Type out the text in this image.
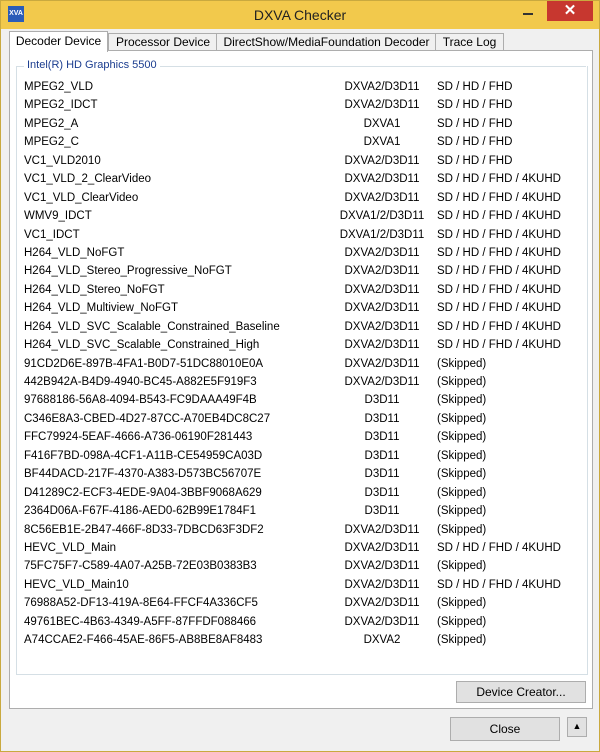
XVA	DXVA Checker	✕
Decoder Device	Processor Device	DirectShow/MediaFoundation Decoder	Trace Log
Intel(R) HD Graphics 5500
MPEG2_VLD	DXVA2/D3D11	SD / HD / FHD
MPEG2_IDCT	DXVA2/D3D11	SD / HD / FHD
MPEG2_A	DXVA1	SD / HD / FHD
MPEG2_C	DXVA1	SD / HD / FHD
VC1_VLD2010	DXVA2/D3D11	SD / HD / FHD
VC1_VLD_2_ClearVideo	DXVA2/D3D11	SD / HD / FHD / 4KUHD
VC1_VLD_ClearVideo	DXVA2/D3D11	SD / HD / FHD / 4KUHD
WMV9_IDCT	DXVA1/2/D3D11	SD / HD / FHD / 4KUHD
VC1_IDCT	DXVA1/2/D3D11	SD / HD / FHD / 4KUHD
H264_VLD_NoFGT	DXVA2/D3D11	SD / HD / FHD / 4KUHD
H264_VLD_Stereo_Progressive_NoFGT	DXVA2/D3D11	SD / HD / FHD / 4KUHD
H264_VLD_Stereo_NoFGT	DXVA2/D3D11	SD / HD / FHD / 4KUHD
H264_VLD_Multiview_NoFGT	DXVA2/D3D11	SD / HD / FHD / 4KUHD
H264_VLD_SVC_Scalable_Constrained_Baseline	DXVA2/D3D11	SD / HD / FHD / 4KUHD
H264_VLD_SVC_Scalable_Constrained_High	DXVA2/D3D11	SD / HD / FHD / 4KUHD
91CD2D6E-897B-4FA1-B0D7-51DC88010E0A	DXVA2/D3D11	(Skipped)
442B942A-B4D9-4940-BC45-A882E5F919F3	DXVA2/D3D11	(Skipped)
97688186-56A8-4094-B543-FC9DAAA49F4B	D3D11	(Skipped)
C346E8A3-CBED-4D27-87CC-A70EB4DC8C27	D3D11	(Skipped)
FFC79924-5EAF-4666-A736-06190F281443	D3D11	(Skipped)
F416F7BD-098A-4CF1-A11B-CE54959CA03D	D3D11	(Skipped)
BF44DACD-217F-4370-A383-D573BC56707E	D3D11	(Skipped)
D41289C2-ECF3-4EDE-9A04-3BBF9068A629	D3D11	(Skipped)
2364D06A-F67F-4186-AED0-62B99E1784F1	D3D11	(Skipped)
8C56EB1E-2B47-466F-8D33-7DBCD63F3DF2	DXVA2/D3D11	(Skipped)
HEVC_VLD_Main	DXVA2/D3D11	SD / HD / FHD / 4KUHD
75FC75F7-C589-4A07-A25B-72E03B0383B3	DXVA2/D3D11	(Skipped)
HEVC_VLD_Main10	DXVA2/D3D11	SD / HD / FHD / 4KUHD
76988A52-DF13-419A-8E64-FFCF4A336CF5	DXVA2/D3D11	(Skipped)
49761BEC-4B63-4349-A5FF-87FFDF088466	DXVA2/D3D11	(Skipped)
A74CCAE2-F466-45AE-86F5-AB8BE8AF8483	DXVA2	(Skipped)
Device Creator...
Close	▲
